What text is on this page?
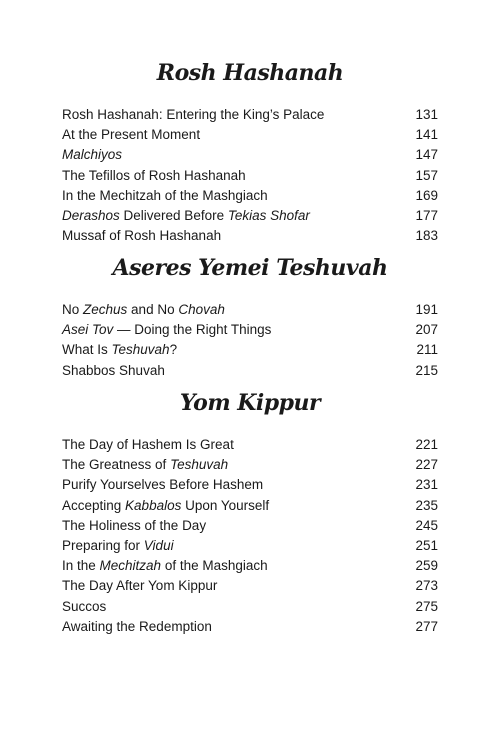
Rosh Hashanah
Rosh Hashanah: Entering the King’s Palace	131
At the Present Moment	141
Malchiyos	147
The Tefillos of Rosh Hashanah	157
In the Mechitzah of the Mashgiach	169
Derashos Delivered Before Tekias Shofar	177
Mussaf of Rosh Hashanah	183
Aseres Yemei Teshuvah
No Zechus and No Chovah	191
Asei Tov — Doing the Right Things	207
What Is Teshuvah?	211
Shabbos Shuvah	215
Yom Kippur
The Day of Hashem Is Great	221
The Greatness of Teshuvah	227
Purify Yourselves Before Hashem	231
Accepting Kabbalos Upon Yourself	235
The Holiness of the Day	245
Preparing for Vidui	251
In the Mechitzah of the Mashgiach	259
The Day After Yom Kippur	273
Succos	275
Awaiting the Redemption	277
